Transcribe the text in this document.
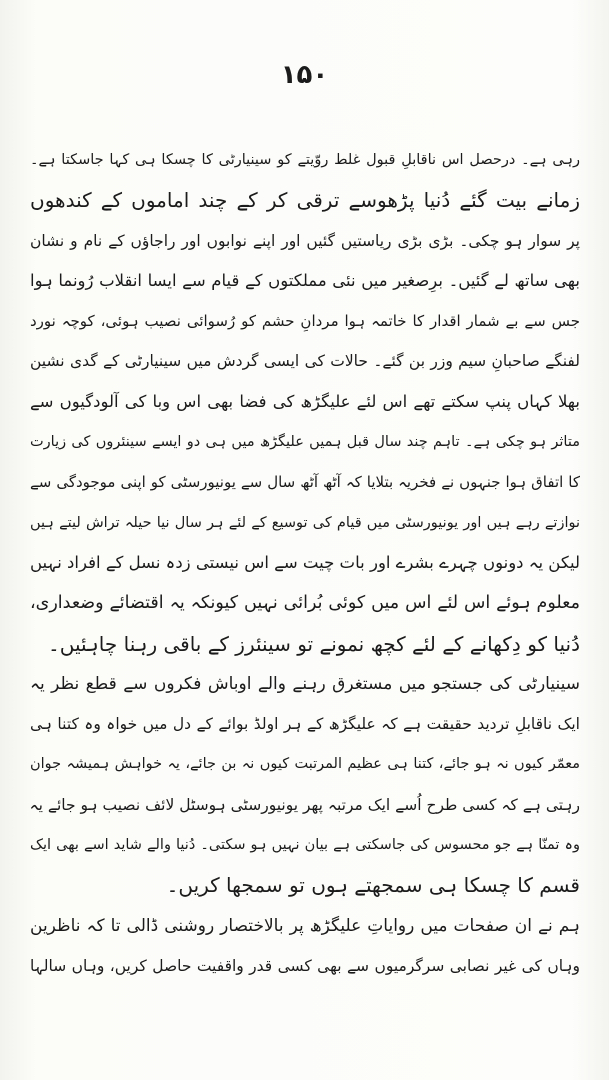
۱۵۰
رہی ہے۔ درحصل اس ناقابلِ قبول غلط روّیتے کو سینیارٹی کا چسکا ہی کہا جاسکتا ہے۔
زمانے بیت گئے دُنیا پڑھوسے ترقی کر کے چند اماموں کے کندھوں
پر سوار ہو چکی۔ بڑی بڑی ریاستیں گئیں اور اپنے نوابوں اور راجاؤں کے نام و نشان
بھی ساتھ لے گئیں۔ برِصغیر میں نئی مملکتوں کے قیام سے ایسا انقلاب رُونما ہوا
جس سے بے شمار اقدار کا خاتمہ ہوا مردانِ حشم کو رُسوائی نصیب ہوئی، کوچہ نورد
لفنگے صاحبانِ سیم وزر بن گئے۔ حالات کی ایسی گردش میں سینیارٹی کے گدی نشین
بھلا کہاں پنپ سکتے تھے اس لئے علیگڑھ کی فضا بھی اس وبا کی آلودگیوں سے
متاثر ہو چکی ہے۔ تاہم چند سال قبل ہمیں علیگڑھ میں ہی دو ایسے سینئروں کی زیارت
کا اتفاق ہوا جنہوں نے فخریہ بتلایا کہ آٹھ آٹھ سال سے یونیورسٹی کو اپنی موجودگی سے
نوازتے رہے ہیں اور یونیورسٹی میں قیام کی توسیع کے لئے ہر سال نیا حیلہ تراش لیتے ہیں
لیکن یہ دونوں چہرے بشرے اور بات چیت سے اس نیستی زدہ نسل کے افراد نہیں
معلوم ہوئے اس لئے اس میں کوئی بُرائی نہیں کیونکہ یہ اقتضائے وضعداری،
دُنیا کو دِکھانے کے لئے کچھ نمونے تو سینئرز کے باقی رہنا چاہئیں۔
سینیارٹی کی جستجو میں مستغرق رہنے والے اوباش فکروں سے قطع نظر یہ
ایک ناقابلِ تردید حقیقت ہے کہ علیگڑھ کے ہر اولڈ بوائے کے دل میں خواہ وہ کتنا ہی
معمّر کیوں نہ ہو جائے، کتنا ہی عظیم المرتبت کیوں نہ بن جائے، یہ خواہش ہمیشہ جوان
رہتی ہے کہ کسی طرح اُسے ایک مرتبہ پھر یونیورسٹی ہوسٹل لائف نصیب ہو جائے یہ
وہ تمنّا ہے جو محسوس کی جاسکتی ہے بیان نہیں ہو سکتی۔ دُنیا والے شاید اسے بھی ایک
قسم کا چسکا ہی سمجھتے ہوں تو سمجھا کریں۔
ہم نے ان صفحات میں روایاتِ علیگڑھ پر بالاختصار روشنی ڈالی تا کہ ناظرین
وہاں کی غیر نصابی سرگرمیوں سے بھی کسی قدر واقفیت حاصل کریں، وہاں سالہا
